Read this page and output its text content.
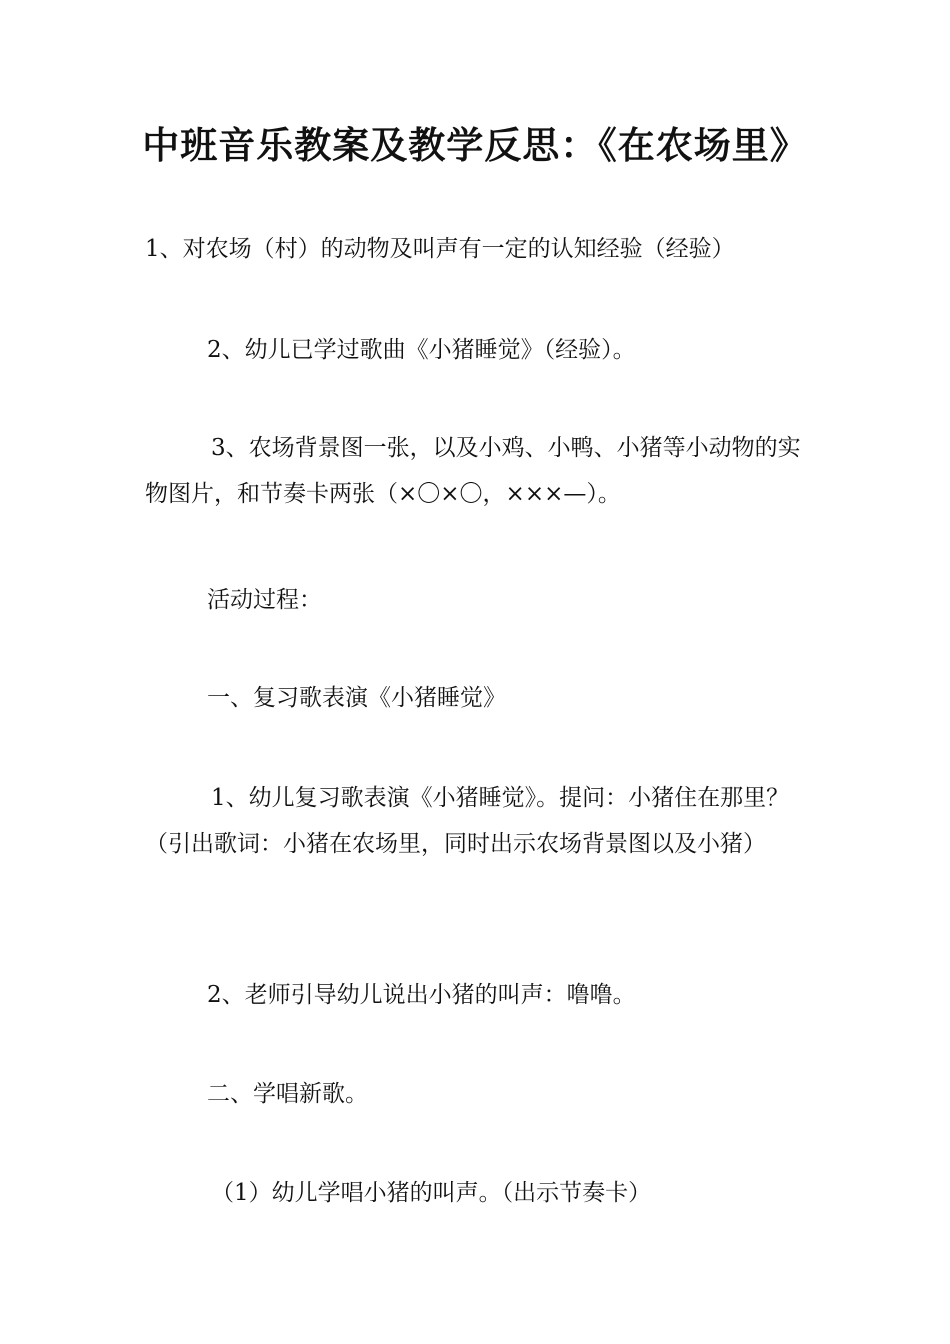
中班音乐教案及教学反思：《在农场里》

1、对农场（村）的动物及叫声有一定的认知经验（经验）

2、幼儿已学过歌曲《小猪睡觉》（经验）。

3、农场背景图一张，以及小鸡、小鸭、小猪等小动物的实物图片，和节奏卡两张（×〇×〇，×××—）。

活动过程：

一、复习歌表演《小猪睡觉》

1、幼儿复习歌表演《小猪睡觉》。提问：小猪住在那里？（引出歌词：小猪在农场里，同时出示农场背景图以及小猪）

2、老师引导幼儿说出小猪的叫声：噜噜。

二、学唱新歌。

（1）幼儿学唱小猪的叫声。（出示节奏卡）
